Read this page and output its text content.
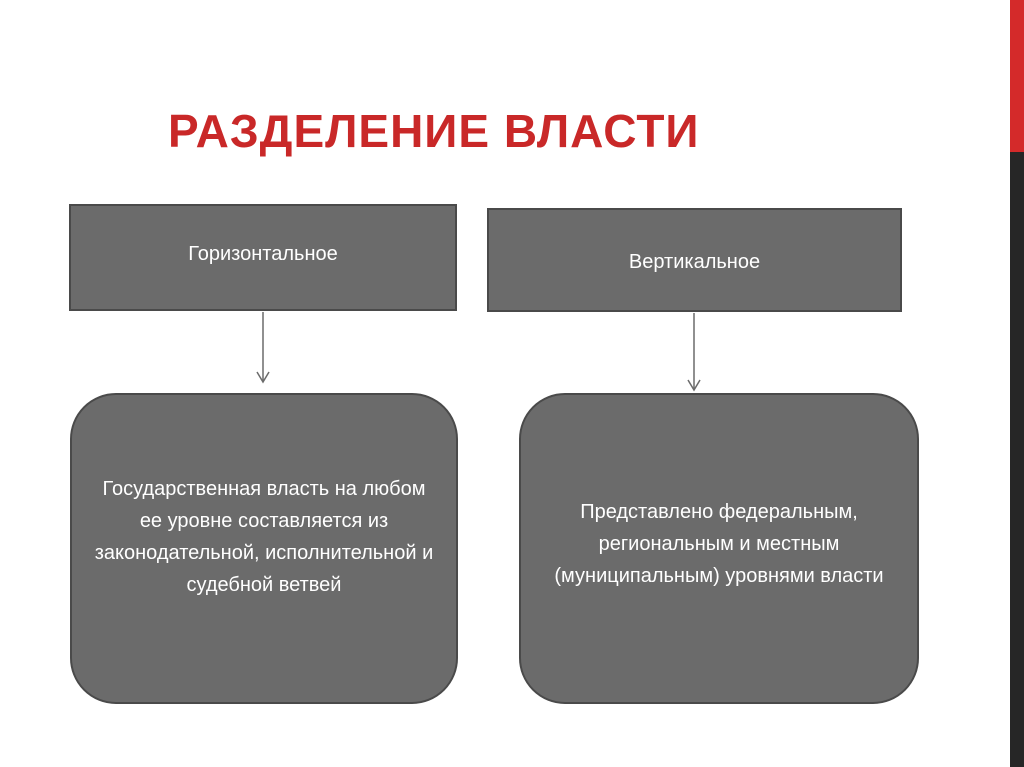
РАЗДЕЛЕНИЕ ВЛАСТИ
Горизонтальное	Вертикальное
Государственная власть на любом ее уровне составляется из законодательной, исполнительной и судебной ветвей
Представлено федеральным, региональным и местным (муниципальным) уровнями власти
